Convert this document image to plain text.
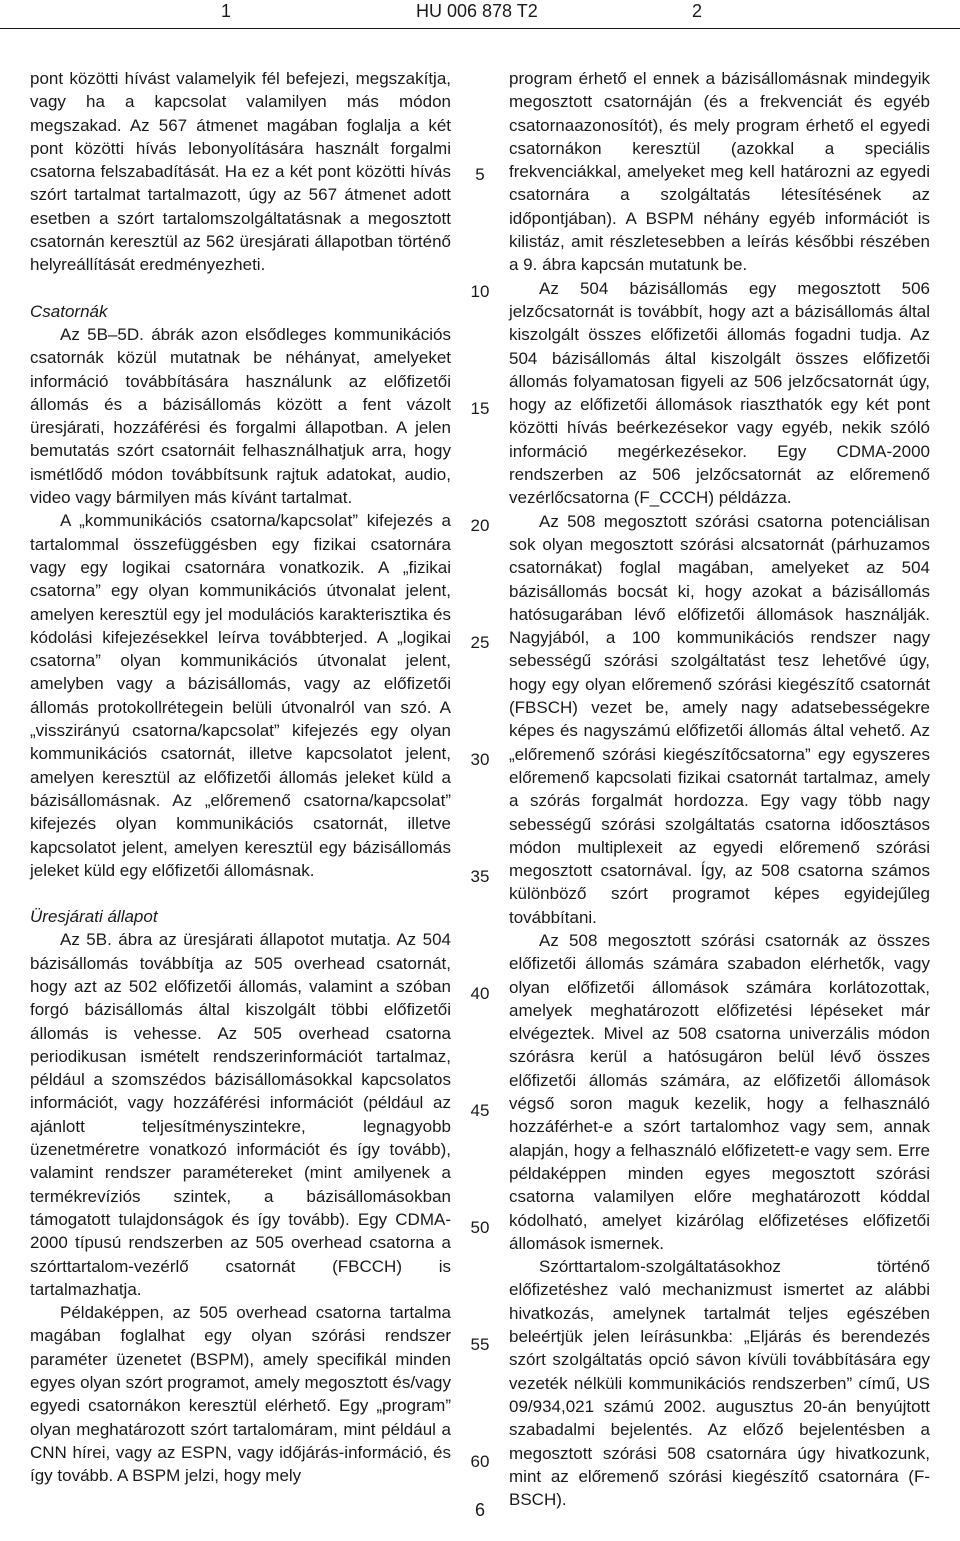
1	HU 006 878 T2	2

pont közötti hívást valamelyik fél befejezi, megszakítja, vagy ha a kapcsolat valamilyen más módon megszakad. Az 567 átmenet magában foglalja a két pont közötti hívás lebonyolítására használt forgalmi csatorna felszabadítását. Ha ez a két pont közötti hívás szórt tartalmat tartalmazott, úgy az 567 átmenet adott esetben a szórt tartalomszolgáltatásnak a megosztott csatornán keresztül az 562 üresjárati állapotban történő helyreállítását eredményezheti.

Csatornák

Az 5B–5D. ábrák azon elsődleges kommunikációs csatornák közül mutatnak be néhányat, amelyeket információ továbbítására használunk az előfizetői állomás és a bázisállomás között a fent vázolt üresjárati, hozzáférési és forgalmi állapotban. A jelen bemutatás szórt csatornáit felhasználhatjuk arra, hogy ismétlődő módon továbbítsunk rajtuk adatokat, audio, video vagy bármilyen más kívánt tartalmat.

A „kommunikációs csatorna/kapcsolat” kifejezés a tartalommal összefüggésben egy fizikai csatornára vagy egy logikai csatornára vonatkozik. A „fizikai csatorna” egy olyan kommunikációs útvonalat jelent, amelyen keresztül egy jel modulációs karakterisztika és kódolási kifejezésekkel leírva továbbterjed. A „logikai csatorna” olyan kommunikációs útvonalat jelent, amelyben vagy a bázisállomás, vagy az előfizetői állomás protokollrétegein belüli útvonalról van szó. A „visszirányú csatorna/kapcsolat” kifejezés egy olyan kommunikációs csatornát, illetve kapcsolatot jelent, amelyen keresztül az előfizetői állomás jeleket küld a bázisállomásnak. Az „előremenő csatorna/kapcsolat” kifejezés olyan kommunikációs csatornát, illetve kapcsolatot jelent, amelyen keresztül egy bázisállomás jeleket küld egy előfizetői állomásnak.

Üresjárati állapot

Az 5B. ábra az üresjárati állapotot mutatja. Az 504 bázisállomás továbbítja az 505 overhead csatornát, hogy azt az 502 előfizetői állomás, valamint a szóban forgó bázisállomás által kiszolgált többi előfizetői állomás is vehesse. Az 505 overhead csatorna periodikusan ismételt rendszerinformációt tartalmaz, például a szomszédos bázisállomásokkal kapcsolatos információt, vagy hozzáférési információt (például az ajánlott teljesítményszintekre, legnagyobb üzenetméretre vonatkozó információt és így tovább), valamint rendszer paramétereket (mint amilyenek a termékrevíziós szintek, a bázisállomásokban támogatott tulajdonságok és így tovább). Egy CDMA-2000 típusú rendszerben az 505 overhead csatorna a szórttartalom-vezérlő csatornát (FBCCH) is tartalmazhatja.

Példaképpen, az 505 overhead csatorna tartalma magában foglalhat egy olyan szórási rendszer paraméter üzenetet (BSPM), amely specifikál minden egyes olyan szórt programot, amely megosztott és/vagy egyedi csatornákon keresztül elérhető. Egy „program” olyan meghatározott szórt tartalomáram, mint például a CNN hírei, vagy az ESPN, vagy időjárás-információ, és így tovább. A BSPM jelzi, hogy mely

5
10
15
20
25
30
35
40
45
50
55
60

program érhető el ennek a bázisállomásnak mindegyik megosztott csatornáján (és a frekvenciát és egyéb csatornaazonosítót), és mely program érhető el egyedi csatornákon keresztül (azokkal a speciális frekvenciákkal, amelyeket meg kell határozni az egyedi csatornára a szolgáltatás létesítésének az időpontjában). A BSPM néhány egyéb információt is kilistáz, amit részletesebben a leírás későbbi részében a 9. ábra kapcsán mutatunk be.

Az 504 bázisállomás egy megosztott 506 jelzőcsatornát is továbbít, hogy azt a bázisállomás által kiszolgált összes előfizetői állomás fogadni tudja. Az 504 bázisállomás által kiszolgált összes előfizetői állomás folyamatosan figyeli az 506 jelzőcsatornát úgy, hogy az előfizetői állomások riaszthatók egy két pont közötti hívás beérkezésekor vagy egyéb, nekik szóló információ megérkezésekor. Egy CDMA-2000 rendszerben az 506 jelzőcsatornát az előremenő vezérlőcsatorna (F_CCCH) példázza.

Az 508 megosztott szórási csatorna potenciálisan sok olyan megosztott szórási alcsatornát (párhuzamos csatornákat) foglal magában, amelyeket az 504 bázisállomás bocsát ki, hogy azokat a bázisállomás hatósugarában lévő előfizetői állomások használják. Nagyjából, a 100 kommunikációs rendszer nagy sebességű szórási szolgáltatást tesz lehetővé úgy, hogy egy olyan előremenő szórási kiegészítő csatornát (FBSCH) vezet be, amely nagy adatsebességekre képes és nagyszámú előfizetői állomás által vehető. Az „előremenő szórási kiegészítőcsatorna” egy egyszeres előremenő kapcsolati fizikai csatornát tartalmaz, amely a szórás forgalmát hordozza. Egy vagy több nagy sebességű szórási szolgáltatás csatorna időosztásos módon multiplexeit az egyedi előremenő szórási megosztott csatornával. Így, az 508 csatorna számos különböző szórt programot képes egyidejűleg továbbítani.

Az 508 megosztott szórási csatornák az összes előfizetői állomás számára szabadon elérhetők, vagy olyan előfizetői állomások számára korlátozottak, amelyek meghatározott előfizetési lépéseket már elvégeztek. Mivel az 508 csatorna univerzális módon szórásra kerül a hatósugáron belül lévő összes előfizetői állomás számára, az előfizetői állomások végső soron maguk kezelik, hogy a felhasználó hozzáférhet-e a szórt tartalomhoz vagy sem, annak alapján, hogy a felhasználó előfizetett-e vagy sem. Erre példaképpen minden egyes megosztott szórási csatorna valamilyen előre meghatározott kóddal kódolható, amelyet kizárólag előfizetéses előfizetői állomások ismernek.

Szórttartalom-szolgáltatásokhoz történő előfizetéshez való mechanizmust ismertet az alábbi hivatkozás, amelynek tartalmát teljes egészében beleértjük jelen leírásunkba: „Eljárás és berendezés szórt szolgáltatás opció sávon kívüli továbbítására egy vezeték nélküli kommunikációs rendszerben” című, US 09/934,021 számú 2002. augusztus 20-án benyújtott szabadalmi bejelentés. Az előző bejelentésben a megosztott szórási 508 csatornára úgy hivatkozunk, mint az előremenő szórási kiegészítő csatornára (F-BSCH).

6
